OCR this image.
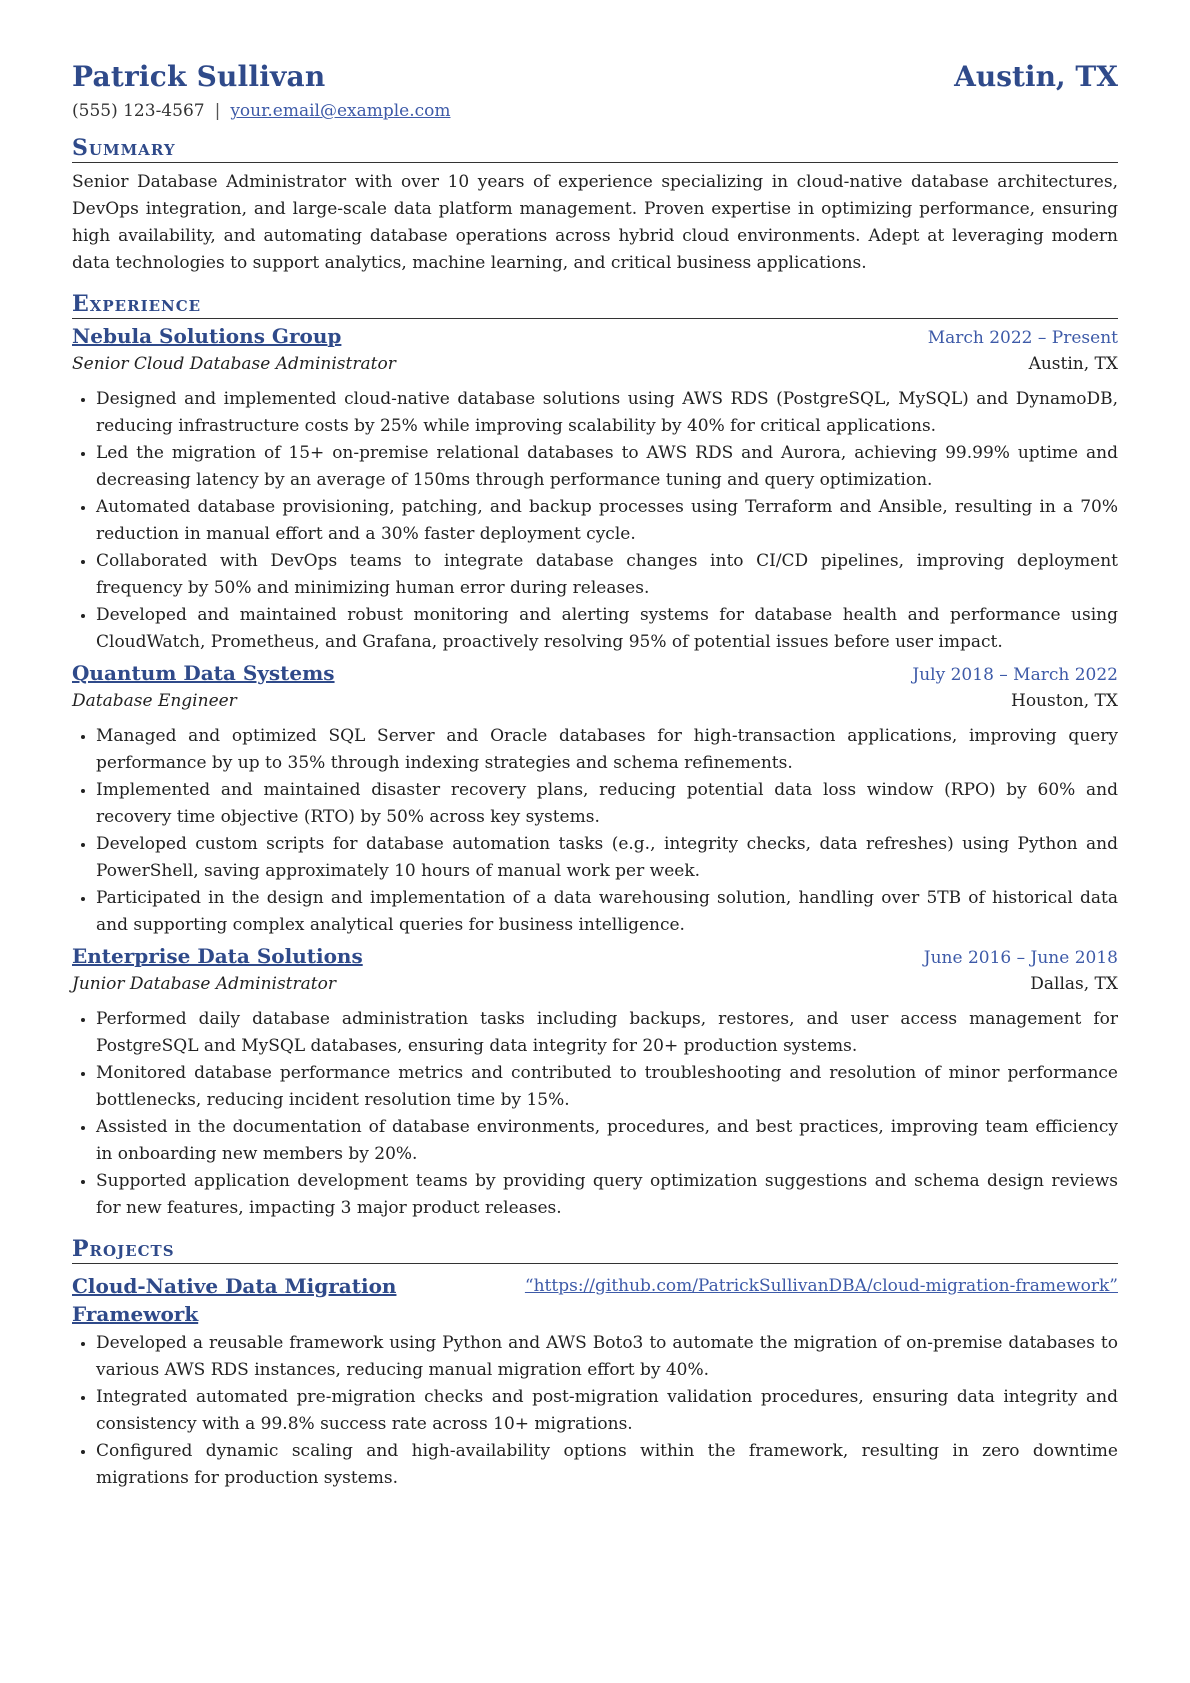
Patrick Sullivan	Austin, TX
(555) 123-4567 | your.email@example.com
Summary

Senior Database Administrator with over 10 years of experience specializing in cloud-native database architectures, DevOps integration, and large-scale data platform management. Proven expertise in optimizing performance, ensuring high availability, and automating database operations across hybrid cloud environments. Adept at leveraging modern data technologies to support analytics, machine learning, and critical business applications.

Experience
Nebula Solutions Group	March 2022 – Present
Senior Cloud Database Administrator	Austin, TX
• Designed and implemented cloud-native database solutions using AWS RDS (PostgreSQL, MySQL) and DynamoDB, reducing infrastructure costs by 25% while improving scalability by 40% for critical applications.
• Led the migration of 15+ on-premise relational databases to AWS RDS and Aurora, achieving 99.99% uptime and decreasing latency by an average of 150ms through performance tuning and query optimization.
• Automated database provisioning, patching, and backup processes using Terraform and Ansible, resulting in a 70% reduction in manual effort and a 30% faster deployment cycle.
• Collaborated with DevOps teams to integrate database changes into CI/CD pipelines, improving deployment frequency by 50% and minimizing human error during releases.
• Developed and maintained robust monitoring and alerting systems for database health and performance using CloudWatch, Prometheus, and Grafana, proactively resolving 95% of potential issues before user impact.
Quantum Data Systems	July 2018 – March 2022
Database Engineer	Houston, TX
• Managed and optimized SQL Server and Oracle databases for high-transaction applications, improving query performance by up to 35% through indexing strategies and schema refinements.
• Implemented and maintained disaster recovery plans, reducing potential data loss window (RPO) by 60% and recovery time objective (RTO) by 50% across key systems.
• Developed custom scripts for database automation tasks (e.g., integrity checks, data refreshes) using Python and PowerShell, saving approximately 10 hours of manual work per week.
• Participated in the design and implementation of a data warehousing solution, handling over 5TB of historical data and supporting complex analytical queries for business intelligence.
Enterprise Data Solutions	June 2016 – June 2018
Junior Database Administrator	Dallas, TX
• Performed daily database administration tasks including backups, restores, and user access management for PostgreSQL and MySQL databases, ensuring data integrity for 20+ production systems.
• Monitored database performance metrics and contributed to troubleshooting and resolution of minor performance bottlenecks, reducing incident resolution time by 15%.
• Assisted in the documentation of database environments, procedures, and best practices, improving team efficiency in onboarding new members by 20%.
• Supported application development teams by providing query optimization suggestions and schema design reviews for new features, impacting 3 major product releases.
Projects
Cloud-Native Data Migration Framework
“https://github.com/PatrickSullivanDBA/cloud-migration-framework”
• Developed a reusable framework using Python and AWS Boto3 to automate the migration of on-premise databases to various AWS RDS instances, reducing manual migration effort by 40%.
• Integrated automated pre-migration checks and post-migration validation procedures, ensuring data integrity and consistency with a 99.8% success rate across 10+ migrations.
• Configured dynamic scaling and high-availability options within the framework, resulting in zero downtime migrations for production systems.
